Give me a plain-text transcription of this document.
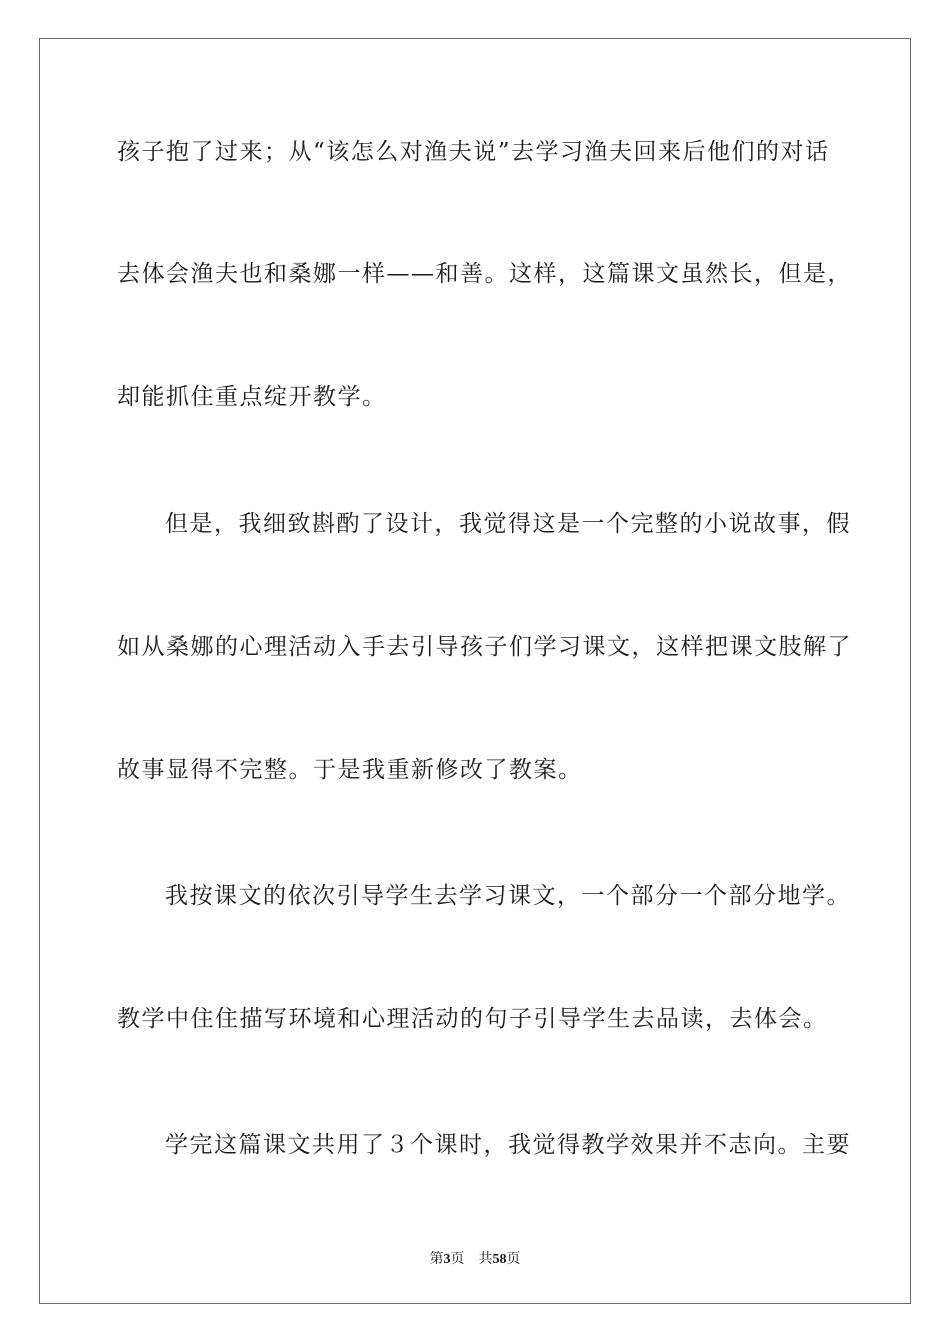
孩子抱了过来；从“该怎么对渔夫说”去学习渔夫回来后他们的对话
去体会渔夫也和桑娜一样——和善。这样，这篇课文虽然长，但是，
却能抓住重点绽开教学。
但是，我细致斟酌了设计，我觉得这是一个完整的小说故事，假
如从桑娜的心理活动入手去引导孩子们学习课文，这样把课文肢解了
故事显得不完整。于是我重新修改了教案。
我按课文的依次引导学生去学习课文，一个部分一个部分地学。
教学中住住描写环境和心理活动的句子引导学生去品读，去体会。
学完这篇课文共用了３个课时，我觉得教学效果并不志向。主要
第3页 共58页
